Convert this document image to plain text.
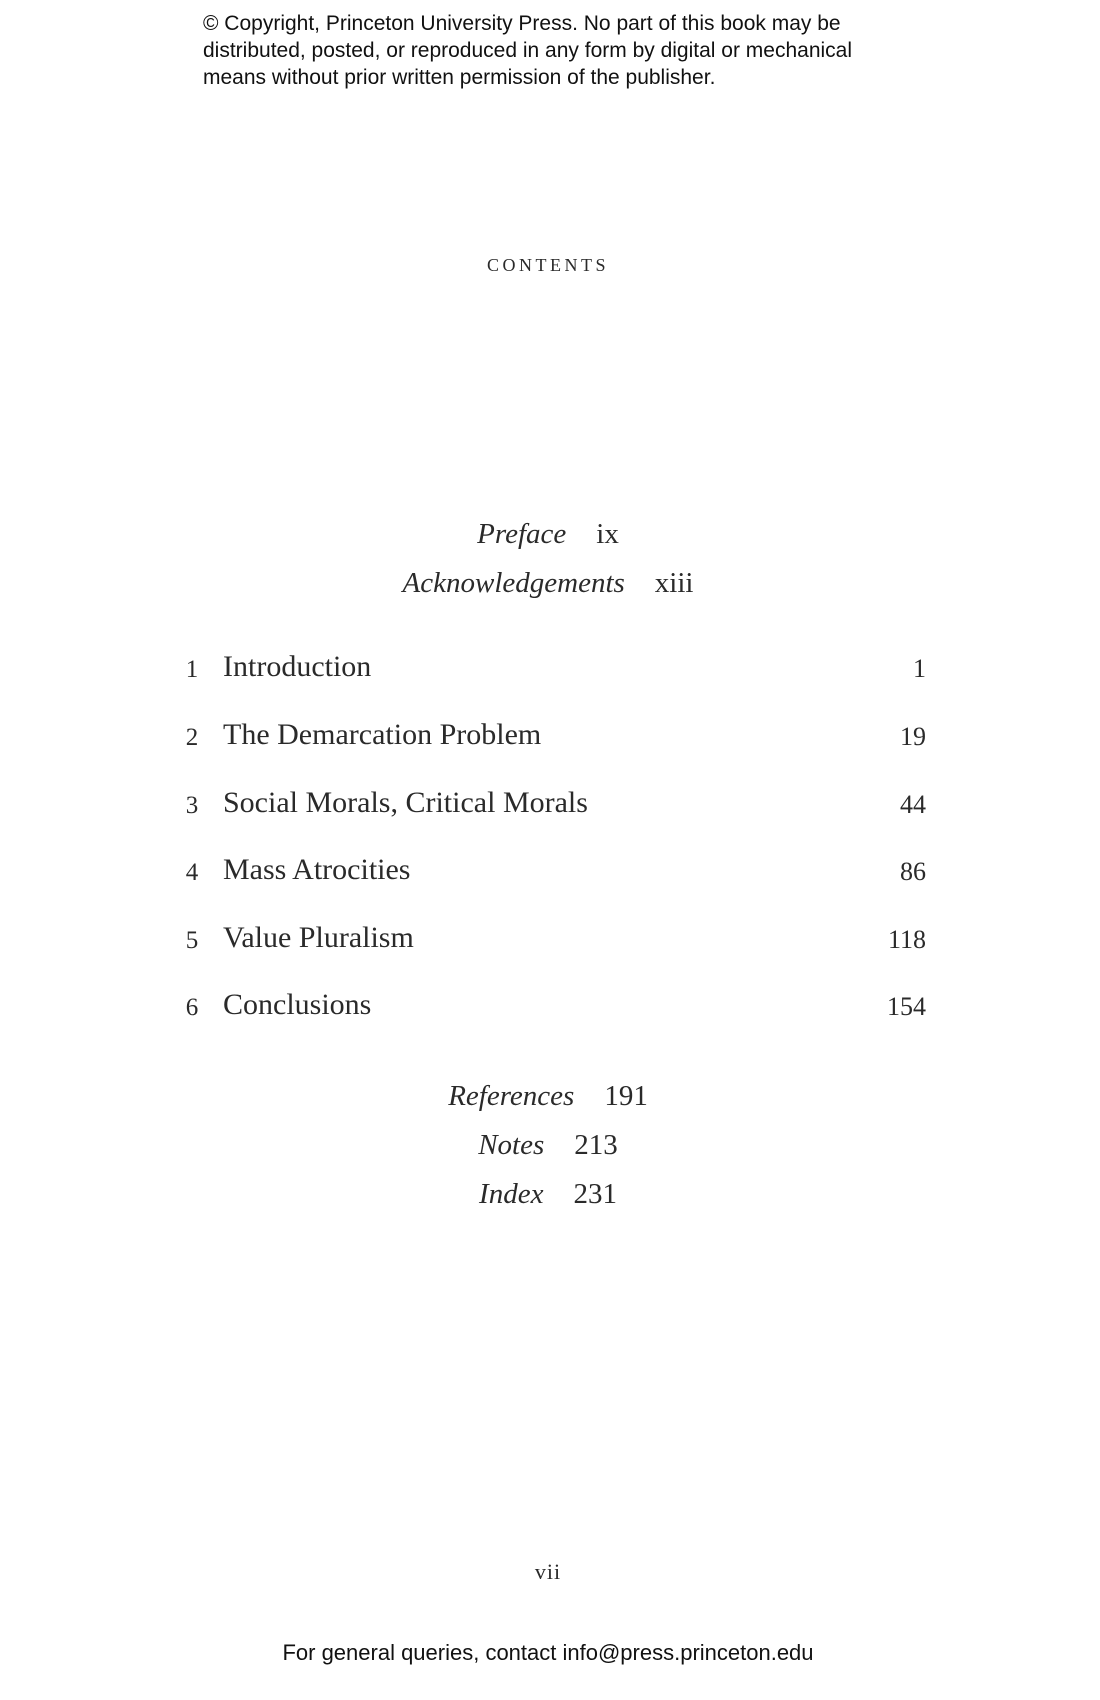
© Copyright, Princeton University Press. No part of this book may be
distributed, posted, or reproduced in any form by digital or mechanical
means without prior written permission of the publisher.
contents
Preface ix
Acknowledgements xiii
1 Introduction	1
2 The Demarcation Problem	19
3 Social Morals, Critical Morals	44
4 Mass Atrocities	86
5 Value Pluralism	118
6 Conclusions	154
References 191
Notes 213
Index 231
vii
For general queries, contact info@press.princeton.edu
